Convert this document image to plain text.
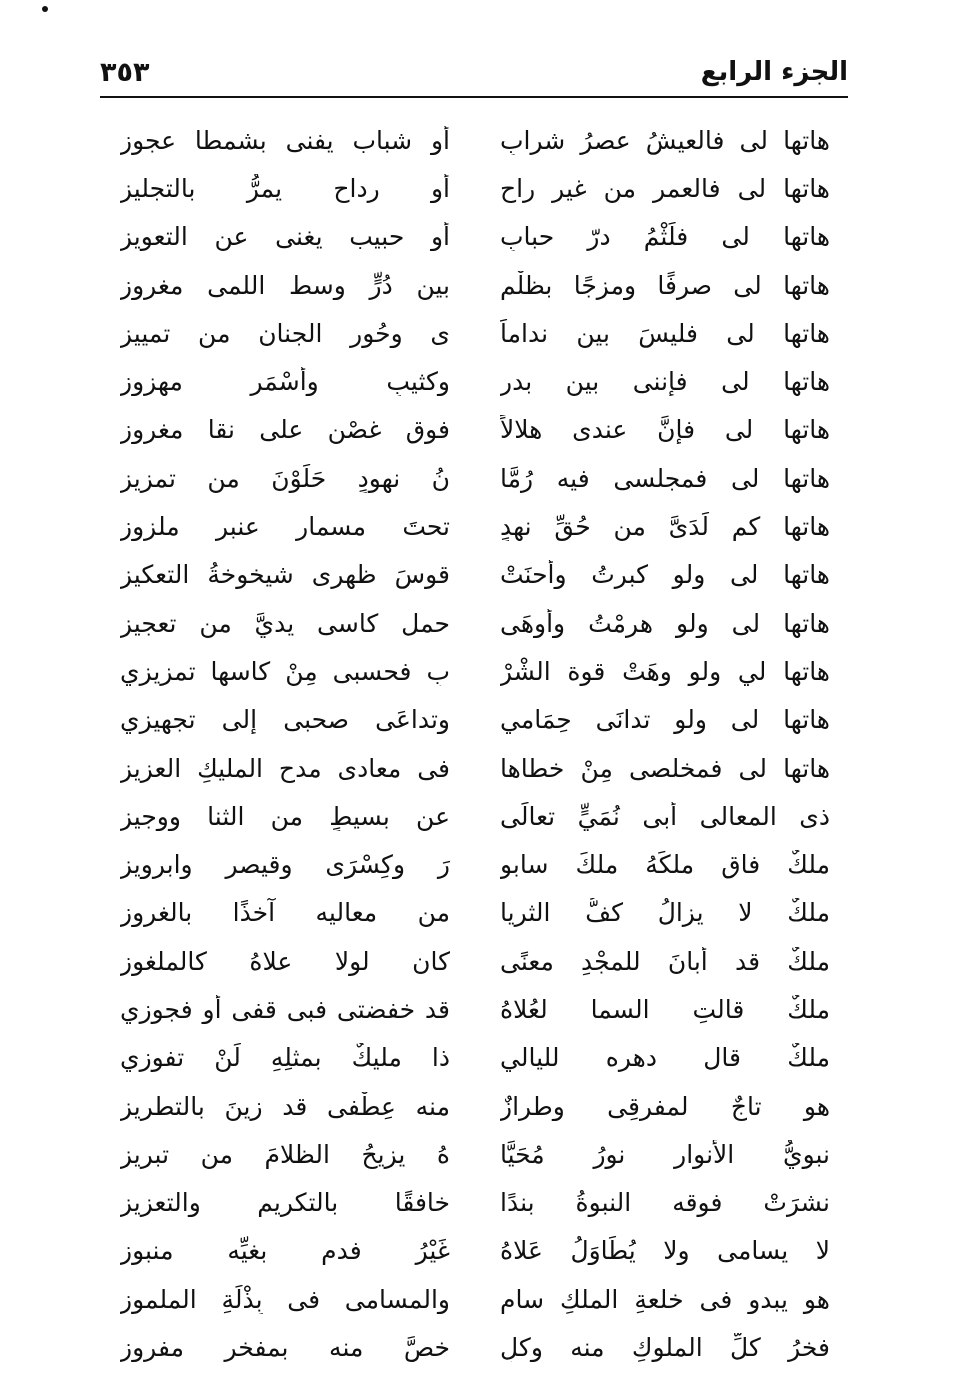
٣٥٣	الجزء الرابع
هاتها لى فالعيشُ عصرُ شرابٍ
أو شباب يفنى بشمطا عجوزِ
هاتها لى فالعمر من غير راحٍ
أو رداح يمرُّ بالتجليزِ
هاتها لى فلَثْمُ درّ حبابٍ
أو حبيب يغنى عن التعويزِ
هاتها لى صرفًا ومزجًا بظلْمٍ
بين دُرٍّ وسط اللمى مغروزِ
هاتها لى فليسَ بين نداماً
ى وحُورِ الجنانِ من تمييزِ
هاتها لى فإننى بين بدرٍ
وكثيبٍ وأسْمَرٍ مهزوزِ
هاتها لى فإنَّ عندى هلالاً
فوق غصْنٍ على نقا مغروزِ
هاتها لى فمجلسى فيه رُمَّا
نُ نهودٍ حَلَوْنَ من تمزيزِ
هاتها كم لَدَىَّ من حُقِّ نهدٍ
تحتَ مسمارِ عنبرٍ ملزوزِ
هاتها لى ولو كبرتُ وأحنَتْ
قوسَ ظهرى شيخوخةُ التعكيزِ
هاتها لى ولو هرمْتُ وأوهَى
حمل كاسى يديَّ من تعجيزِ
هاتها لي ولو وهَتْ قوة الشْرْ
بِ فحسبى مِنْ كاسها تمزيزي
هاتها لى ولو تدانَى حِمَامي
وتداعَى صحبى إلى تجهيزي
هاتها لى فمخلصى مِنْ خطاها
فى معادى مدح المليكِ العزيزِ
ذى المعالى أبى نُمَيٍّ تعالَى
عن بسيطٍ من الثنا ووجيزِ
ملكٌ فاق ملكَهُ ملكَ سابو
رَ وكِسْرَى وقيصرٍ وابرويزِ
ملكٌ لا يزالُ كفُّ الثريا
من معاليه آخذًا بالغروزِ
ملكٌ قد أبانَ للمجْدِ معنًى
كان لولا علاهُ كالملغوزِ
ملكٌ قالتِ السما لعُلاهُ
قد خفضتى فبى قفى أو فجوزي
ملكٌ قال دهره لليالي
ذا مليكٌ بمثلِهِ لَنْ تفوزي
هو تاجٌ لمفرقِى وطرازٌ
منه عِطْفى قد زينَ بالتطريزِ
نبويُّ الأنوارِ نورُ مُحَيَّا
هُ يزيحُ الظلامَ من تبريزِ
نشرَتْ فوقه النبوةُ بندًا
خافقًا بالتكريم والتعزيزِ
لا يسامى ولا يُطَاوَلُ عَلاهُ
غَيْرُ فدم بغيِّه منبوزِ
هو يبدو فى خلعةِ الملكِ سامٍ
والمسامى فى بِذْلَةِ الملموزِ
فخرُ كلِّ الملوكِ منه وكلٍ
خصَّ منه بمفخرٍ مفروزِ
